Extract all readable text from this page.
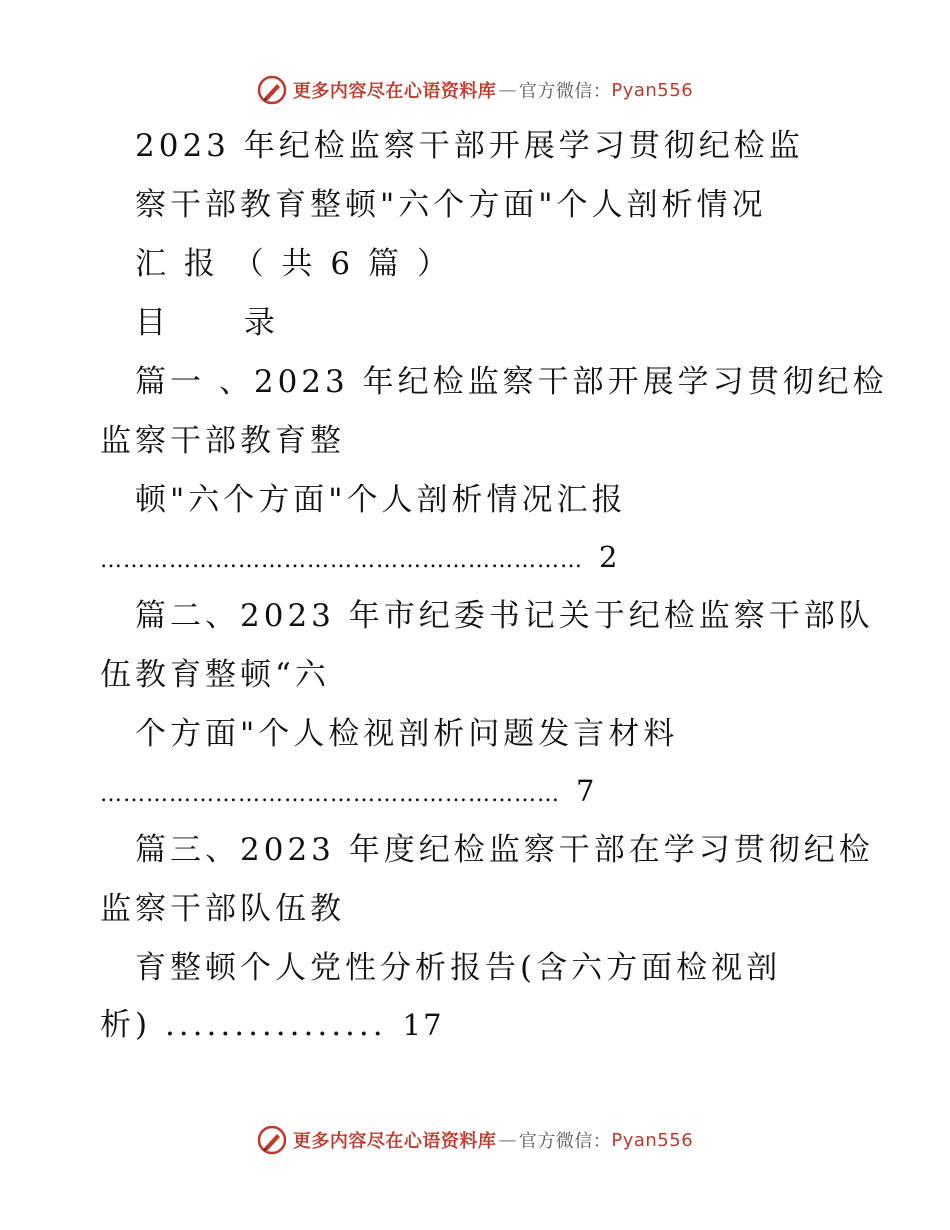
更多内容尽在心语资料库 — 官方微信： Pyan556
2023 年纪检监察干部开展学习贯彻纪检监
察干部教育整顿"六个方面"个人剖析情况
汇 报 （ 共 6 篇 ）
目 录
篇一 、2023 年纪检监察干部开展学习贯彻纪检
监察干部教育整
顿"六个方面"个人剖析情况汇报
……………………………………………………… 2
篇二、2023 年市纪委书记关于纪检监察干部队
伍教育整顿“六
个方面"个人检视剖析问题发言材料
…………………………………………………… 7
篇三、2023 年度纪检监察干部在学习贯彻纪检
监察干部队伍教
育整顿个人党性分析报告(含六方面检视剖
析) ................ 17
更多内容尽在心语资料库 — 官方微信： Pyan556
